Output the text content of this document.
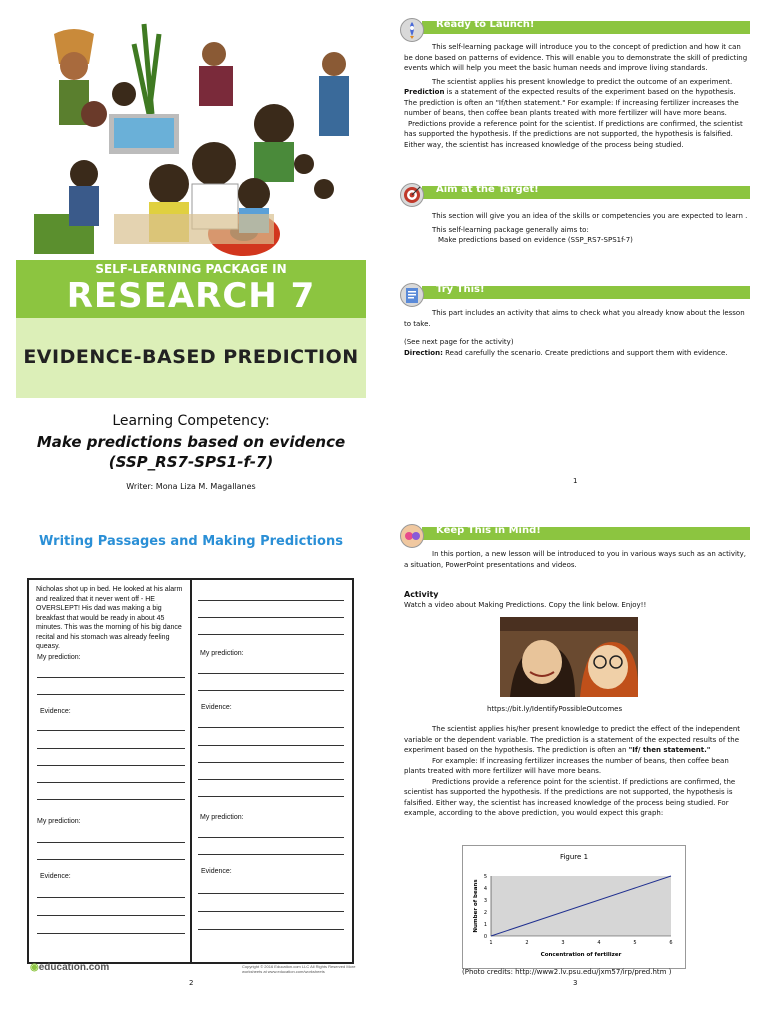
SELF-LEARNING PACKAGE IN
RESEARCH 7
EVIDENCE-BASED PREDICTION
Learning Competency:
Make predictions based on evidence (SSP_RS7-SPS1-f-7)
Writer: Mona Liza M. Magallanes
Ready to Launch!

This self-learning package will introduce you to the concept of prediction and how it can be done based on patterns of evidence. This will enable you to demonstrate the skill of predicting events which will help you meet the basic human needs and improve living standards.

The scientist applies his present knowledge to predict the outcome of an experiment. Prediction is a statement of the expected results of the experiment based on the hypothesis. The prediction is often an "If/then statement." For example: If increasing fertilizer increases the number of beans, then coffee bean plants treated with more fertilizer will have more beans.

Predictions provide a reference point for the scientist. If predictions are confirmed, the scientist has supported the hypothesis. If the predictions are not supported, the hypothesis is falsified. Either way, the scientist has increased knowledge of the process being studied.

Aim at the Target!

This section will give you an idea of the skills or competencies you are expected to learn .

This self-learning package generally aims to:

Make predictions based on evidence (SSP_RS7-SPS1f-7)

Try This!

This part includes an activity that aims to check what you already know about the lesson to take.

(See next page for the activity)

Direction: Read carefully the scenario. Create predictions and support them with evidence.

1
Writing Passages and Making Predictions
Nicholas shot up in bed. He looked at his alarm and realized that it never went off - HE OVERSLEPT! His dad was making a big breakfast that would be ready in about 45 minutes. This was the morning of his big dance recital and his stomach was already feeling queasy.
My prediction:
Evidence:
My prediction:
Evidence:
My prediction:
Evidence:
My prediction:
Evidence:
◉education.com	Copyright © 2016 Education.com LLC All Rights Reserved More worksheets at www.education.com/worksheets
2
Keep This in Mind!

In this portion, a new lesson will be introduced to you in various ways such as an activity, a situation, PowerPoint presentations and videos.

Activity
Watch a video about Making Predictions. Copy the link below. Enjoy!!
https://bit.ly/IdentifyPossibleOutcomes

The scientist applies his/her present knowledge to predict the effect of the independent variable or the dependent variable. The prediction is a statement of the expected results of the experiment based on the hypothesis. The prediction is often an "If/ then statement."

For example: If increasing fertilizer increases the number of beans, then coffee bean plants treated with more fertilizer will have more beans.

Predictions provide a reference point for the scientist. If predictions are confirmed, the scientist has supported the hypothesis. If the predictions are not supported, the hypothesis is falsified. Either way, the scientist has increased knowledge of the process being studied. For example, according to the above prediction, you would expect this graph:

Figure 1
1	2	3	4	5	6
0
1
2
3
4
5
Concentration of fertilizer
Number of beans
(Photo credits: http://www2.lv.psu.edu/jxm57/irp/pred.htm )
3
